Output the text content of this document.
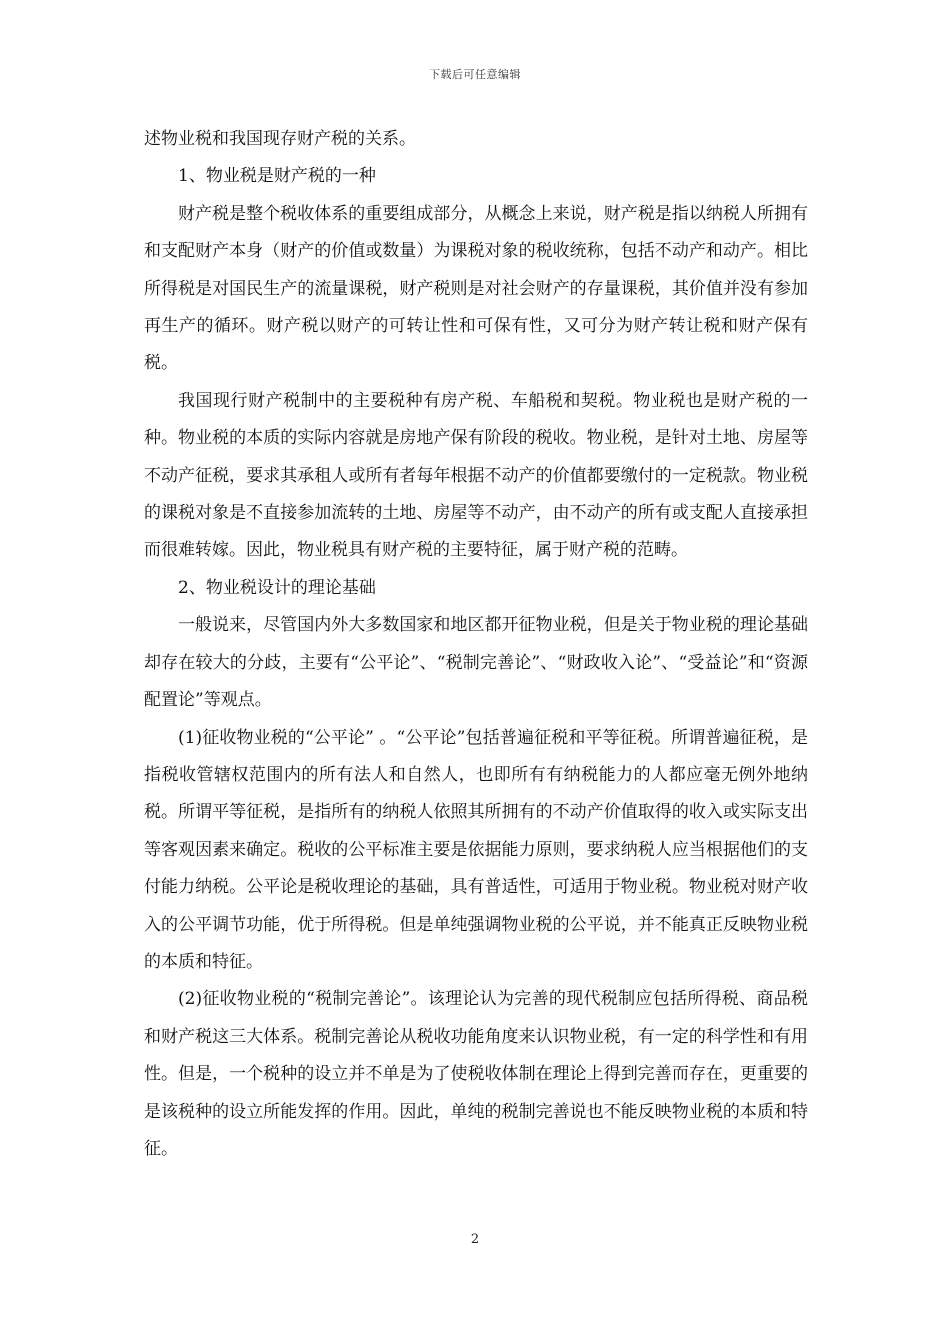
下载后可任意编辑

述物业税和我国现存财产税的关系。

1、物业税是财产税的一种

财产税是整个税收体系的重要组成部分，从概念上来说，财产税是指以纳税人所拥有和支配财产本身（财产的价值或数量）为课税对象的税收统称，包括不动产和动产。相比所得税是对国民生产的流量课税，财产税则是对社会财产的存量课税，其价值并没有参加再生产的循环。财产税以财产的可转让性和可保有性，又可分为财产转让税和财产保有税。

我国现行财产税制中的主要税种有房产税、车船税和契税。物业税也是财产税的一种。物业税的本质的实际内容就是房地产保有阶段的税收。物业税，是针对土地、房屋等不动产征税，要求其承租人或所有者每年根据不动产的价值都要缴付的一定税款。物业税的课税对象是不直接参加流转的土地、房屋等不动产，由不动产的所有或支配人直接承担而很难转嫁。因此，物业税具有财产税的主要特征，属于财产税的范畴。

2、物业税设计的理论基础

一般说来，尽管国内外大多数国家和地区都开征物业税，但是关于物业税的理论基础却存在较大的分歧，主要有“公平论”、“税制完善论”、“财政收入论”、“受益论”和“资源配置论”等观点。

(1)征收物业税的“公平论” 。“公平论”包括普遍征税和平等征税。所谓普遍征税，是指税收管辖权范围内的所有法人和自然人，也即所有有纳税能力的人都应毫无例外地纳税。所谓平等征税，是指所有的纳税人依照其所拥有的不动产价值取得的收入或实际支出等客观因素来确定。税收的公平标准主要是依据能力原则，要求纳税人应当根据他们的支付能力纳税。公平论是税收理论的基础，具有普适性，可适用于物业税。物业税对财产收入的公平调节功能，优于所得税。但是单纯强调物业税的公平说，并不能真正反映物业税的本质和特征。

(2)征收物业税的“税制完善论”。该理论认为完善的现代税制应包括所得税、商品税和财产税这三大体系。税制完善论从税收功能角度来认识物业税，有一定的科学性和有用性。但是，一个税种的设立并不单是为了使税收体制在理论上得到完善而存在，更重要的是该税种的设立所能发挥的作用。因此，单纯的税制完善说也不能反映物业税的本质和特征。

2
